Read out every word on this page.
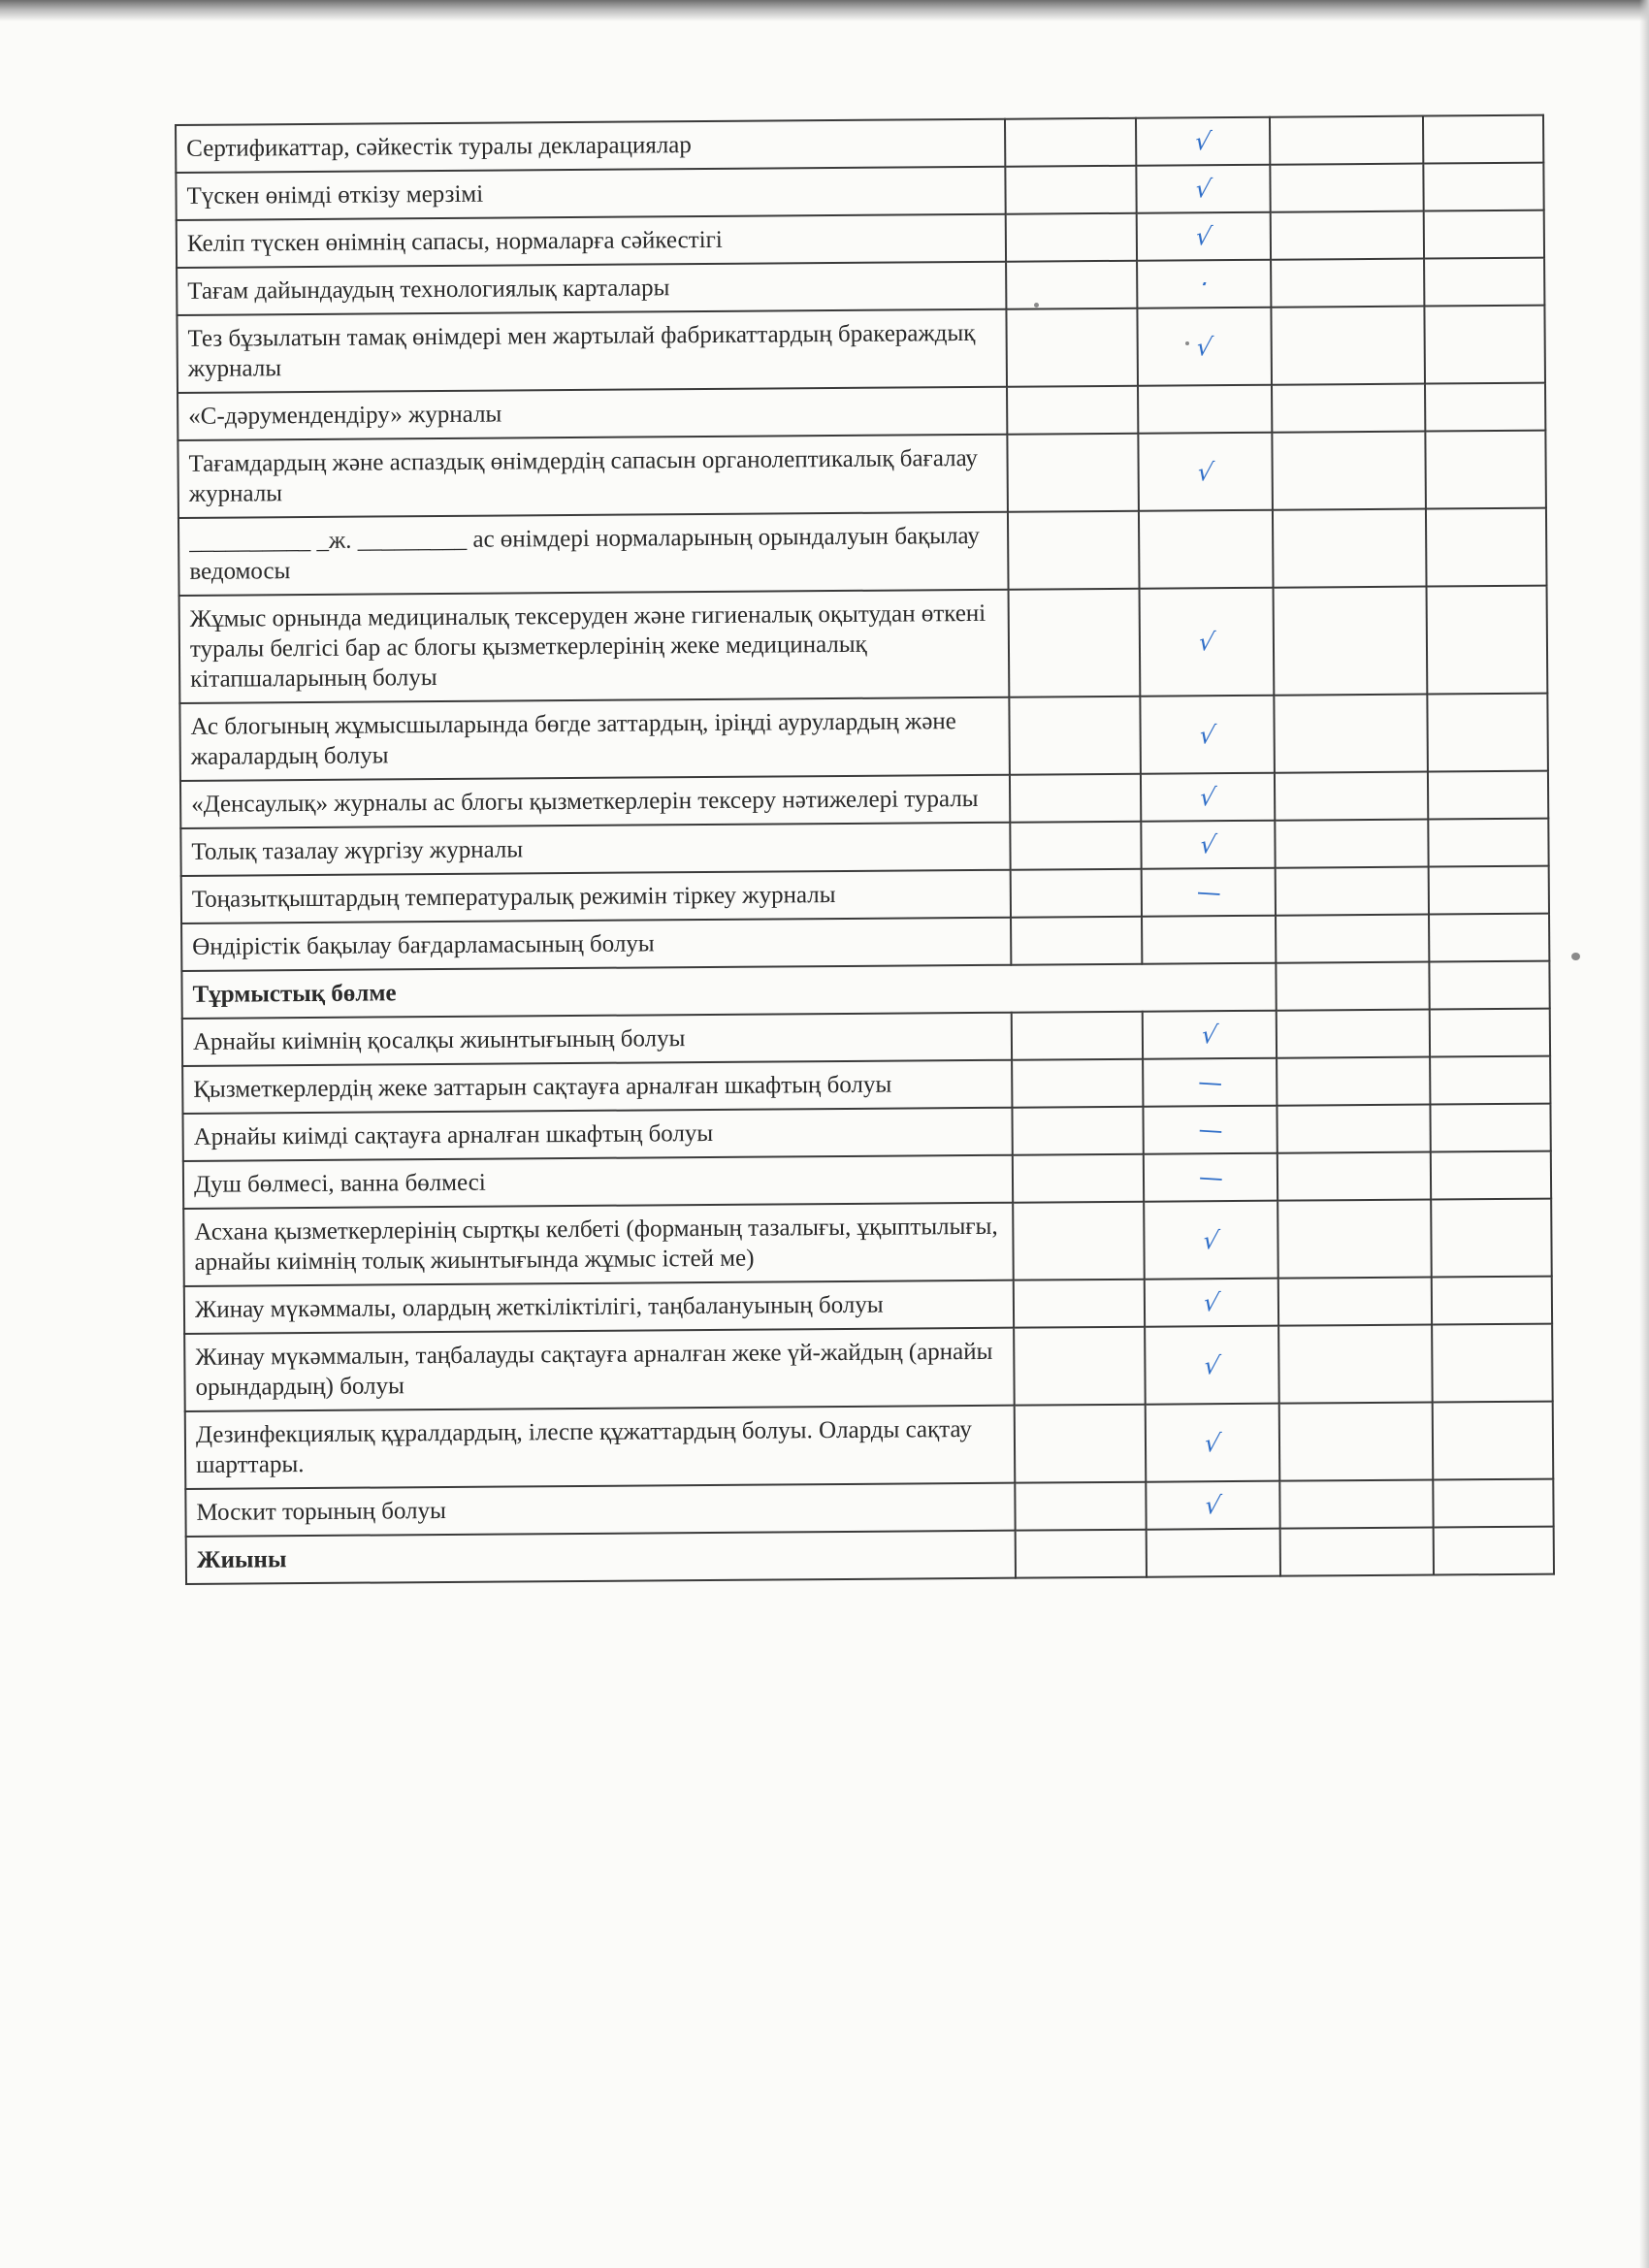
Сертификаттар, сәйкестік туралы декларациялар		√		
Түскен өнімді өткізу мерзімі		√		
Келіп түскен өнімнің сапасы, нормаларға сәйкестігі		√		
Тағам дайындаудың технологиялық карталары		·		
Тез бұзылатын тамақ өнімдері мен жартылай фабрикаттардың бракераждық журналы		√		
«С-дәрумендендіру» журналы				
Тағамдардың және аспаздық өнімдердің сапасын органолептикалық бағалау журналы		√		
__________ _ж. _________ ас өнімдері нормаларының орындалуын бақылау ведомосы				
Жұмыс орнында медициналық тексеруден және гигиеналық оқытудан өткені туралы белгісі бар ас блогы қызметкерлерінің жеке медициналық кітапшаларының болуы		√		
Ас блогының жұмысшыларында бөгде заттардың, іріңді аурулардың және жаралардың болуы		√		
«Денсаулық» журналы ас блогы қызметкерлерін тексеру нәтижелері туралы		√		
Толық тазалау жүргізу журналы		√		
Тоңазытқыштардың температуралық режимін тіркеу журналы		—		
Өндірістік бақылау бағдарламасының болуы				
Тұрмыстық бөлме				
Арнайы киімнің қосалқы жиынтығының болуы		√		
Қызметкерлердің жеке заттарын сақтауға арналған шкафтың болуы		—		
Арнайы киімді сақтауға арналған шкафтың болуы		—		
Душ бөлмесі, ванна бөлмесі		—		
Асхана қызметкерлерінің сыртқы келбеті (форманың тазалығы, ұқыптылығы, арнайы киімнің толық жиынтығында жұмыс істей ме)		√		
Жинау мүкәммалы, олардың жеткіліктілігі, таңбалануының болуы		√		
Жинау мүкәммалын, таңбалауды сақтауға арналған жеке үй-жайдың (арнайы орындардың) болуы		√		
Дезинфекциялық құралдардың, ілеспе құжаттардың болуы. Оларды сақтау шарттары.		√		
Москит торының болуы		√		
Жиыны				
